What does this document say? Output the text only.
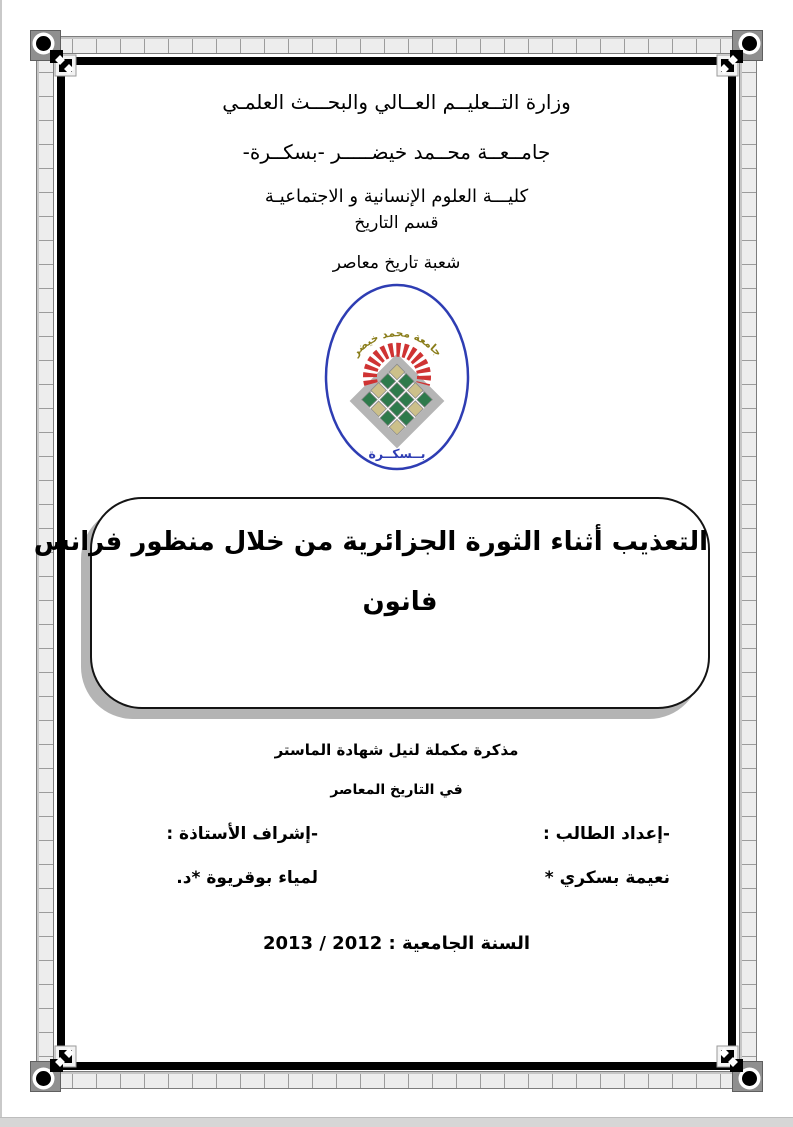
وزارة التــعليــم العــالي والبحـــث العلمـي
جامــعــة محــمد خيضـــــر -بسكــرة-
كليـــة العلوم الإنسانية و الاجتماعيـة
قسم التاريخ
شعبة تاريخ معاصر
جامعة محمد خيضر
بــسكــرة
التعذيب أثناء الثورة الجزائرية من خلال منظور فرانس
فانون
مذكرة مكملة لنيل شهادة الماستر
في التاريخ المعاصر
-إعداد الطالب :
* بسكري نعيمة
-إشراف الأستاذة :
*د. بوقريوة لمياء
السنة الجامعية : 2012 / 2013
